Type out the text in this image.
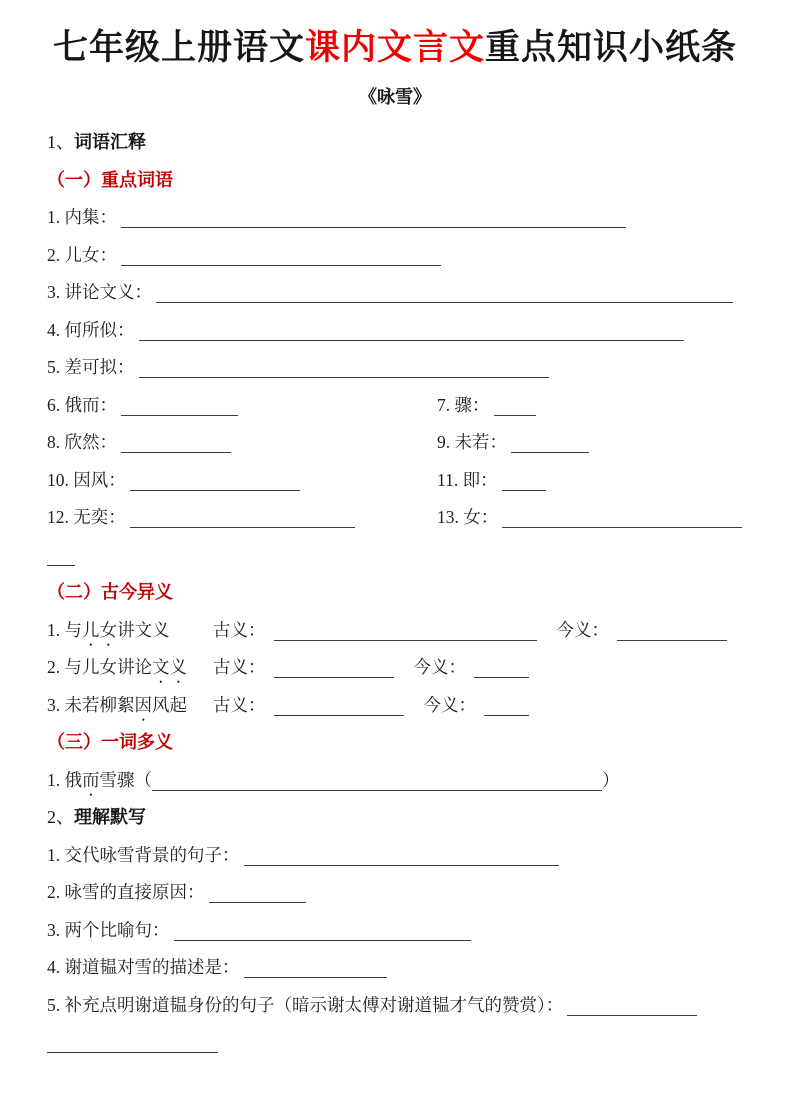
七年级上册语文课内文言文重点知识小纸条
《咏雪》
1、词语汇释
（一）重点词语
1. 内集：
2. 儿女：
3. 讲论文义：
4. 何所似：
5. 差可拟：
6. 俄而：	7. 骤：
8. 欣然：	9. 未若：
10. 因风：	11. 即：
12. 无奕：	13. 女：
（二）古今异义
1. 与儿女讲文义 古义：	今义：
2. 与儿女讲论文义 古义：	今义：
3. 未若柳絮因风起 古义：	今义：
（三）一词多义
1. 俄而雪骤（	）
2、理解默写
1. 交代咏雪背景的句子：
2. 咏雪的直接原因：
3. 两个比喻句：
4. 谢道韫对雪的描述是：
5. 补充点明谢道韫身份的句子（暗示谢太傅对谢道韫才气的赞赏）：
